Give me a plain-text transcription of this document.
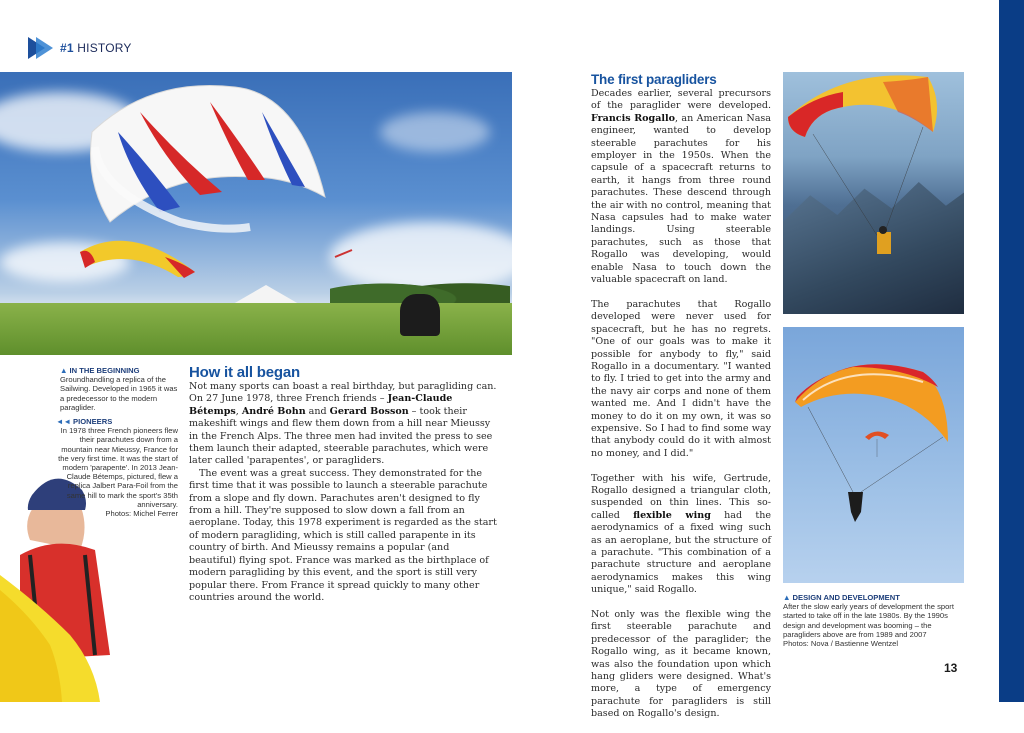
#1 HISTORY
▲ IN THE BEGINNING
Groundhandling a replica of the Sailwing. Developed in 1965 it was a predecessor to the modern paraglider.
◄◄ PIONEERS
In 1978 three French pioneers flew their parachutes down from a mountain near Mieussy, France for the very first time. It was the start of modern 'parapente'. In 2013 Jean-Claude Bétemps, pictured, flew a replica Jalbert Para-Foil from the same hill to mark the sport's 35th anniversary.
Photos: Michel Ferrer
▲ DESIGN AND DEVELOPMENT
After the slow early years of development the sport started to take off in the late 1980s. By the 1990s design and development was booming – the paragliders above are from 1989 and 2007
Photos: Nova / Bastienne Wentzel
How it all began
The first paragliders

Not many sports can boast a real birthday, but paragliding can. On 27 June 1978, three French friends – Jean-Claude Bétemps, André Bohn and Gerard Bosson – took their makeshift wings and flew them down from a hill near Mieussy in the French Alps. The three men had invited the press to see them launch their adapted, steerable parachutes, which were later called 'parapentes', or paragliders.

The event was a great success. They demonstrated for the first time that it was possible to launch a steerable parachute from a slope and fly down. Parachutes aren't designed to fly from a hill. They're supposed to slow down a fall from an aeroplane. Today, this 1978 experiment is regarded as the start of modern paragliding, which is still called parapente in its country of birth. And Mieussy remains a popular (and beautiful) flying spot. France was marked as the birthplace of modern paragliding by this event, and the sport is still very popular there. From France it spread quickly to many other countries around the world.

Decades earlier, several precursors of the paraglider were developed. Francis Rogallo, an American Nasa engineer, wanted to develop steerable parachutes for his employer in the 1950s. When the capsule of a spacecraft returns to earth, it hangs from three round parachutes. These descend through the air with no control, meaning that Nasa capsules had to make water landings. Using steerable parachutes, such as those that Rogallo was developing, would enable Nasa to touch down the valuable spacecraft on land.

The parachutes that Rogallo developed were never used for spacecraft, but he has no regrets. "One of our goals was to make it possible for anybody to fly," said Rogallo in a documentary. "I wanted to fly. I tried to get into the army and the navy air corps and none of them wanted me. And I didn't have the money to do it on my own, it was so expensive. So I had to find some way that anybody could do it with almost no money, and I did."

Together with his wife, Gertrude, Rogallo designed a triangular cloth, suspended on thin lines. This so-called flexible wing had the aerodynamics of a fixed wing such as an aeroplane, but the structure of a parachute. "This combination of a parachute structure and aeroplane aerodynamics makes this wing unique," said Rogallo.

Not only was the flexible wing the first steerable parachute and predecessor of the paraglider; the Rogallo wing, as it became known, was also the foundation upon which hang gliders were designed. What's more, a type of emergency parachute for paragliders is still based on Rogallo's design.

13
